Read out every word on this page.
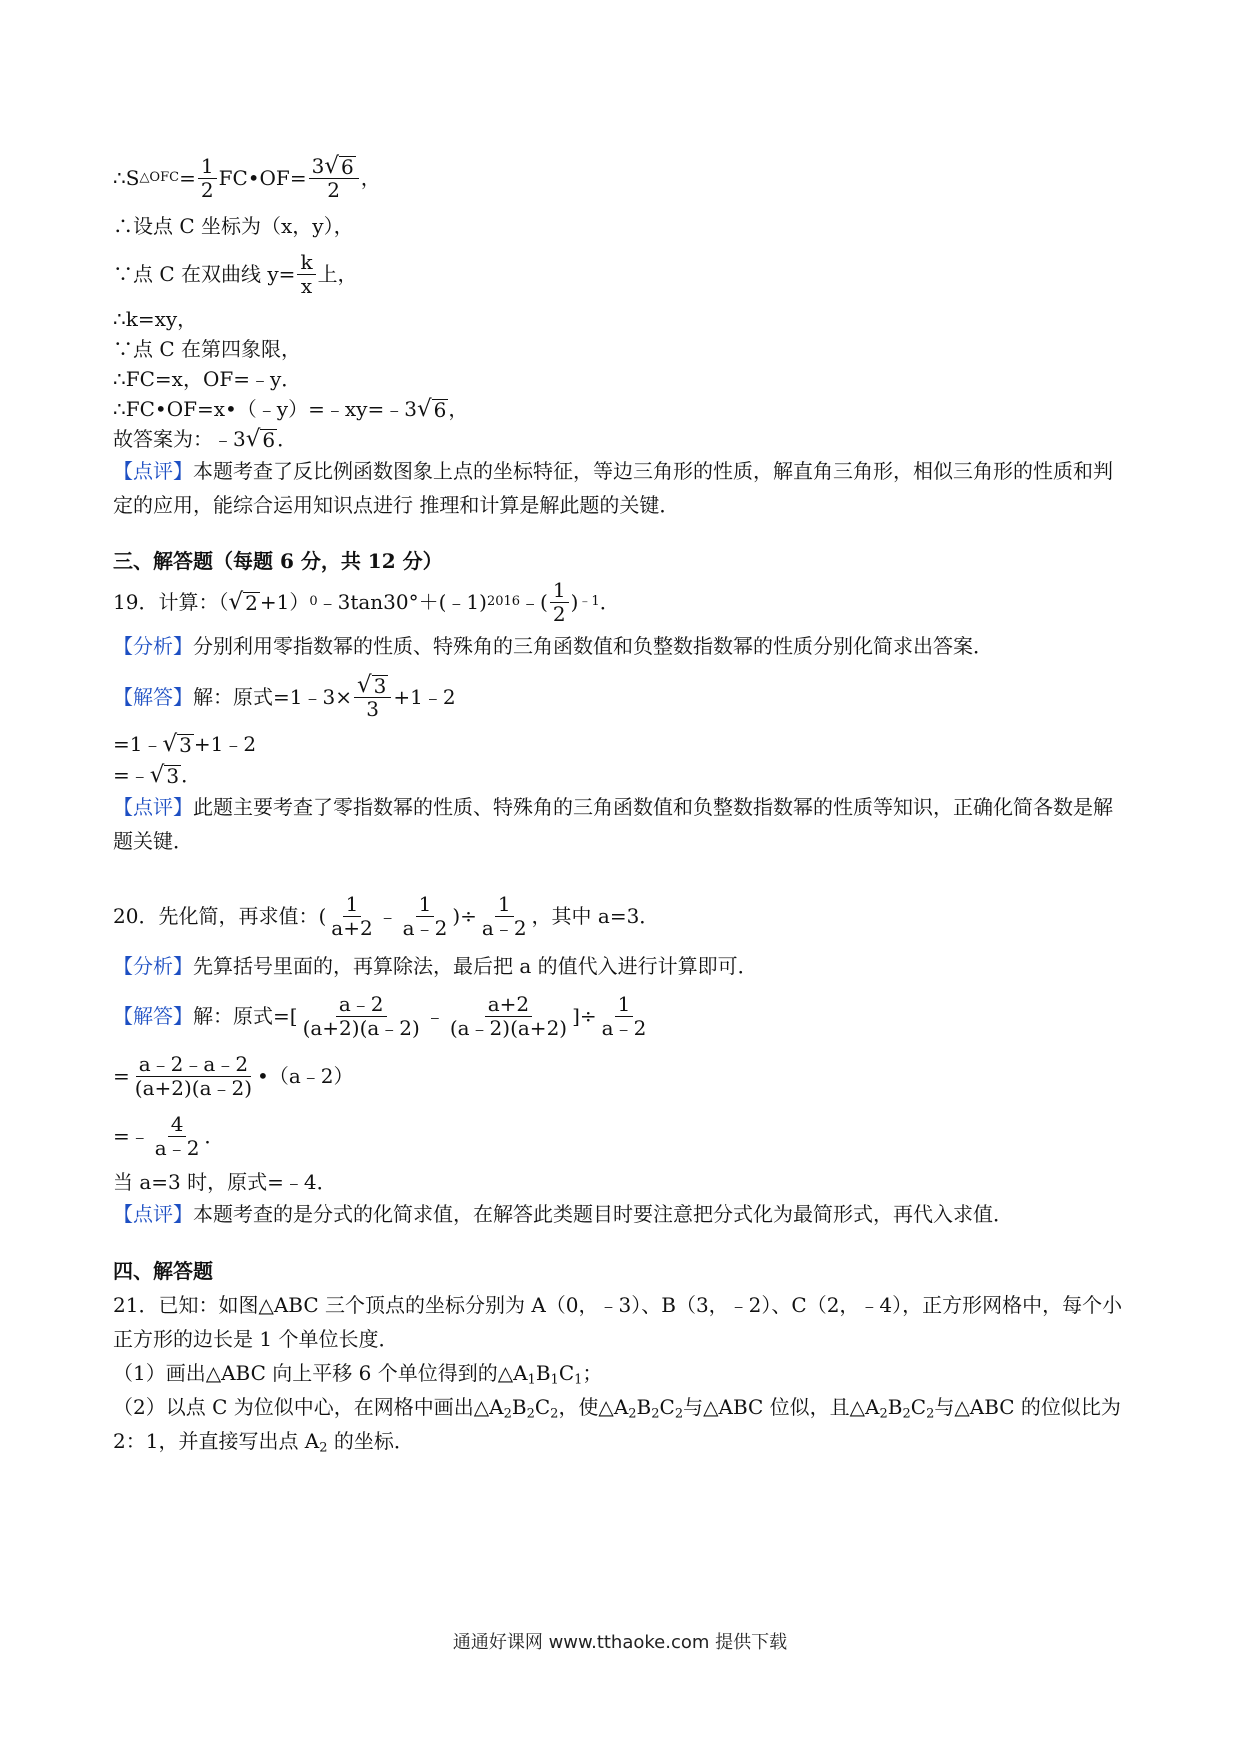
∴S △OFC = $\frac{1}{2}$ FC•OF= $\frac{3 √ 6}{2}$ ，
∴设点 C 坐标为（x，y），
∵点 C 在双曲线 $y= \frac{k}{x}$ 上，
∴k=xy，
∵点 C 在第四象限，
∴FC=x，OF=﹣y．
∴FC•OF=x•（﹣y）=﹣xy=﹣ 3 √ 6 ，
故答案为：﹣3 √ 6 ．
【点评】本题考查了反比例函数图象上点的坐标特征，等边三角形的性质，解直角三角形，相似三角形的性质和判定的应用，能综合运用知识点进行 推理和计算是解此题的关键．
三、解答题（每题 6 分，共 12 分）
19．计算：（ √ 2 +1） 0 ﹣3tan30°＋(﹣1) 2016 ﹣( $\frac{1}{2}$ ) ﹣1 ．
【分析】 分别利用零指数幂的性质、特殊角的三角函数值和负整数指数幂的性质分别化简求出答案．
【解答】 解：原式=1﹣3× $\frac{√ 3}{3}$ +1﹣2
=1﹣ √ 3 +1﹣2
=﹣ √ 3 ．
【点评】此题主要考查了零指数幂的性质、特殊角的三角函数值和负整数指数幂的性质等知识，正确化简各数是解题关键．
20．先化简，再求值：( $\frac{1}{a+2}$ ﹣ $\frac{1}{a﹣2}$ )÷ $\frac{1}{a﹣2}$ ，其中 a=3．
【分析】 先算括号里面的，再算除法，最后把 a 的值代入进行计算即可．
【解答】 解：原式=[ $\frac{a﹣2}{(a+2)(a﹣2)}$ ﹣ $\frac{a+2}{(a﹣2)(a+2)}$ ]÷ $\frac{1}{a﹣2}$
= $\frac{a﹣2﹣a﹣2}{(a+2)(a﹣2)}$ •（a﹣2）
=﹣ $\frac{4}{a﹣2}$ ．
当 a=3 时，原式=﹣4．
【点评】 本题考查的是分式的化简求值，在解答此类题目时要注意把分式化为最简形式，再代入求值．
四、解答题
21．已知：如图△ABC 三个顶点的坐标分别为 A（0，﹣3）、B（3，﹣2）、C（2，﹣4），正方形网格中，每个小正方形的边长是 1 个单位长度．
（1）画出△ABC 向上平移 6 个单位得到的$\triangle A_1B_1C_1$；
（2）以点 C 为位似中心，在网格中画出$\triangle A_2B_2C_2$，使$\triangle A_2B_2C_2$与△ABC 位似，且$\triangle A_2B_2C_2$与△ABC 的位似比为 2：1，并直接写出点 $A_2$ 的坐标．
通通好课网 www.tthaoke.com 提供下载
